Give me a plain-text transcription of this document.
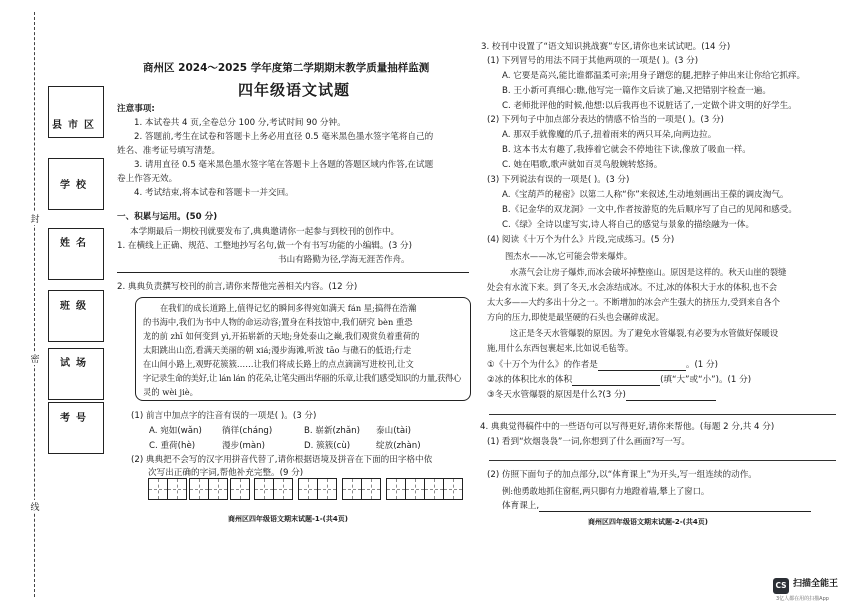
县市区
学校
姓名
班级
试场
考号
封
密
线
商州区 2024～2025 学年度第二学期期末教学质量抽样监测
四年级语文试题
注意事项:
1. 本试卷共 4 页,全卷总分 100 分,考试时间 90 分钟。
2. 答题前,考生在试卷和答题卡上务必用直径 0.5 毫米黑色墨水签字笔将自己的
姓名、准考证号填写清楚。
3. 请用直径 0.5 毫米黑色墨水签字笔在答题卡上各题的答题区域内作答,在试题
卷上作答无效。
4. 考试结束,将本试卷和答题卡一并交回。
一、积累与运用。(50 分)
本学期最后一期校刊就要发布了,典典邀请你一起参与到校刊的创作中。
1. 在横线上正确、规范、工整地抄写名句,做一个有书写功能的小编辑。(3 分)
书山有路勤为径,学海无涯苦作舟。
2. 典典负责撰写校刊的前言,请你来帮他完善相关内容。(12 分)
在我们的成长道路上,值得记忆的瞬间多得宛如满天 fán 星;搞得在浩瀚
的书海中,我们为书中人物的命运动容;置身在科技馆中,我们研究 bèn 重恐
龙的前 zhī 如何变到 yì,开拓崭新的天地;身处泰山之巅,我们观赏负着重荷的
太阳跳出山峦,看满天美丽的朝 xiá;漫步海滩,听波 tāo 与礁石的低语;行走
在山间小路上,观野花簇簇……让我们将成长路上的点点滴滴写进校刊,让文
字记录生命的美好,让 lán lán 的花朵,让笔尖画出华丽的乐章,让我们感受知识的力量,获得心
灵的 wèi jiè。
(1) 前言中加点字的注音有误的一项是( )。(3 分)
A. 宛如(wǎn) 徜徉(cháng)	B. 崭新(zhǎn) 泰山(tài)
C. 重荷(hè)	漫步(màn)	D. 簇簇(cù)	绽放(zhàn)
(2) 典典把不会写的汉字用拼音代替了,请你根据语境及拼音在下面的田字格中依
次写出正确的字词,帮他补充完整。(9 分)
商州区四年级语文期末试题-1-(共4页)
3. 校刊中设置了“语文知识挑战赛”专区,请你也来试试吧。(14 分)
(1) 下列冒号的用法不同于其他两项的一项是( )。(3 分)
A. 它要是高兴,能比谁都温柔可亲;用身子蹭您的腿,把脖子伸出来让你给它抓痒。
B. 王小新可真细心:瞧,他写完一篇作文后读了遍,又把错别字检查一遍。
C. 老师批评他的时候,他想:以后我再也不说脏话了,一定做个讲文明的好学生。
(2) 下列句子中加点部分表达的情感不恰当的一项是( )。(3 分)
A. 那双手就像魔的爪子,扭着雨来的两只耳朵,向两边拉。
B. 这本书太有趣了,我捧着它就会不停地往下读,像放了吸血一样。
C. 她在唱歌,歌声就如百灵鸟般婉转悠扬。
(3) 下列说法有误的一项是( )。(3 分)
A.《宝葫芦的秘密》以第二人称“你”来叙述,生动地刻画出王葆的调皮淘气。
B.《记金华的双龙洞》一文中,作者按游览的先后顺序写了自己的见闻和感受。
C.《绿》全诗以虚写实,诗人将自己的感觉与景象的描绘融为一体。
(4) 阅读《十万个为什么》片段,完成练习。(5 分)
图杰水——冰,它可能会带来爆炸。
水蒸气会让房子爆炸,而冰会破坏掉整座山。原因是这样的。秋天山崖的裂缝
处会有水流下来。到了冬天,水会冻结成冰。不过,冰的体积大于水的体积,也不会
太大多——大约多出十分之一。不断增加的冰会产生强大的挤压力,受到来自各个
方向的压力,即使是最坚硬的石头也会碾碎成泥。
这正是冬天水管爆裂的原因。为了避免水管爆裂,有必要为水管做好保暖设
施,用什么东西包裹起来,比如说毛毡等。
①《十万个为什么》的作者是	。(1 分)
②冰的体积比水的体积	(填“大”或“小”)。(1 分)
③冬天水管爆裂的原因是什么?(3 分)
4. 典典觉得稿件中的一些语句可以写得更好,请你来帮他。(每题 2 分,共 4 分)
(1) 看到“炊烟袅袅”一词,你想到了什么画面?写一写。
(2) 仿照下面句子的加点部分,以“体育课上”为开头,写一组连续的动作。
例:他勇敢地抓住窗框,两只脚有力地蹬着墙,攀上了窗口。
体育课上,
商州区四年级语文期末试题-2-(共4页)
CS 扫描全能王
3亿人都在用的扫描App
